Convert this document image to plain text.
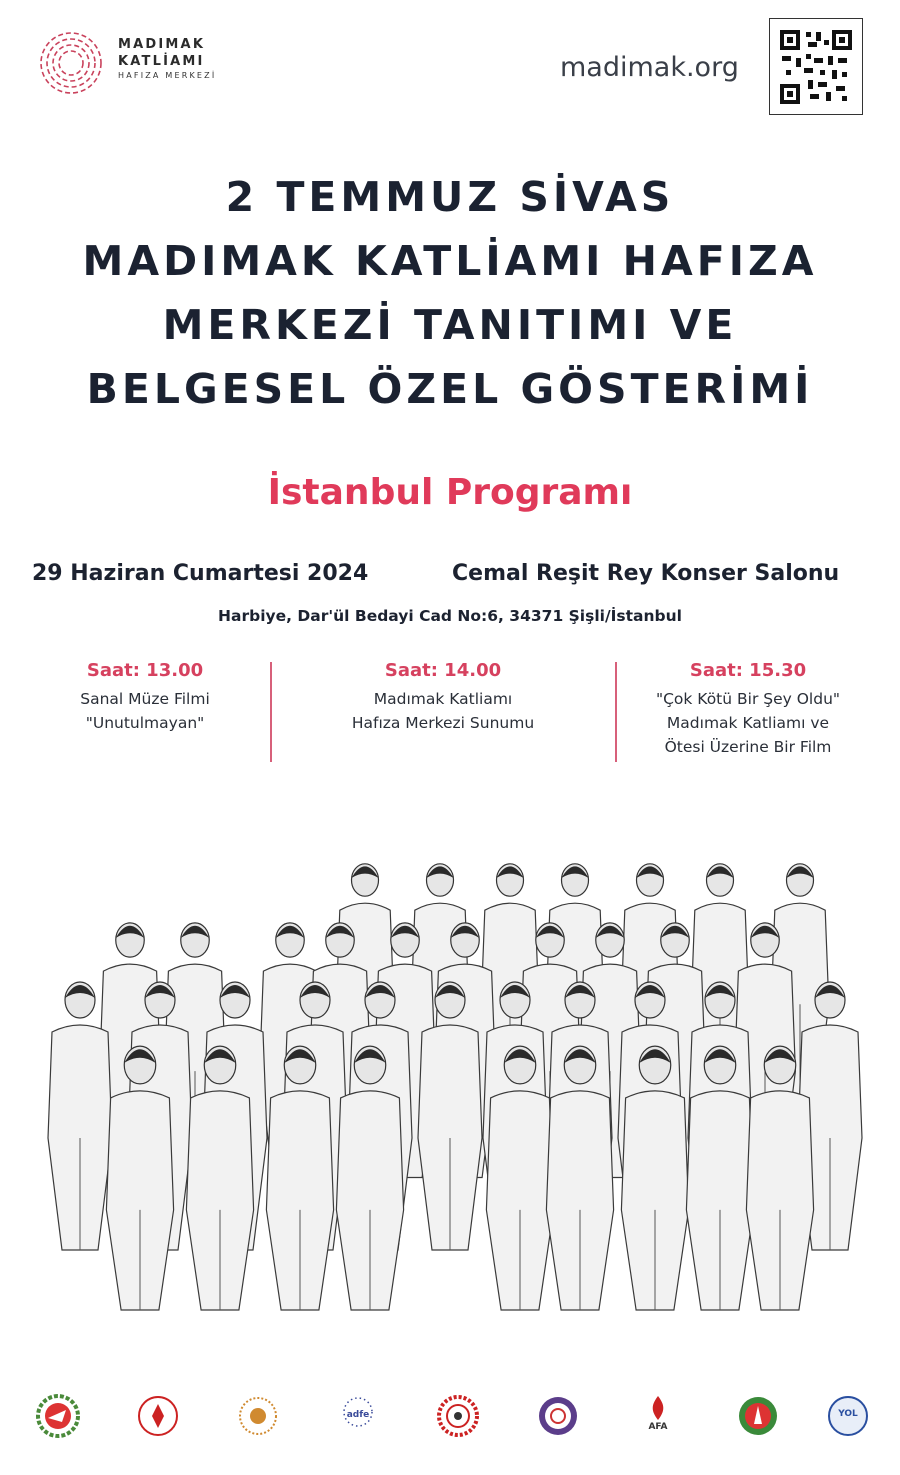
MADIMAK
KATLİAMI
HAFIZA MERKEZİ	madimak.org
2 TEMMUZ SİVAS
MADIMAK KATLİAMI HAFIZA
MERKEZİ TANITIMI VE
BELGESEL ÖZEL GÖSTERİMİ
İstanbul Programı
29 Haziran Cumartesi 2024	Cemal Reşit Rey Konser Salonu
Harbiye, Dar'ül Bedayi Cad No:6, 34371 Şişli/İstanbul
Saat: 13.00
Sanal Müze Filmi
"Unutulmayan"
Saat: 14.00
Madımak Katliamı
Hafıza Merkezi Sunumu
Saat: 15.30
"Çok Kötü Bir Şey Oldu"
Madımak Katliamı ve
Ötesi Üzerine Bir Film
adfe
AFA
YOL
